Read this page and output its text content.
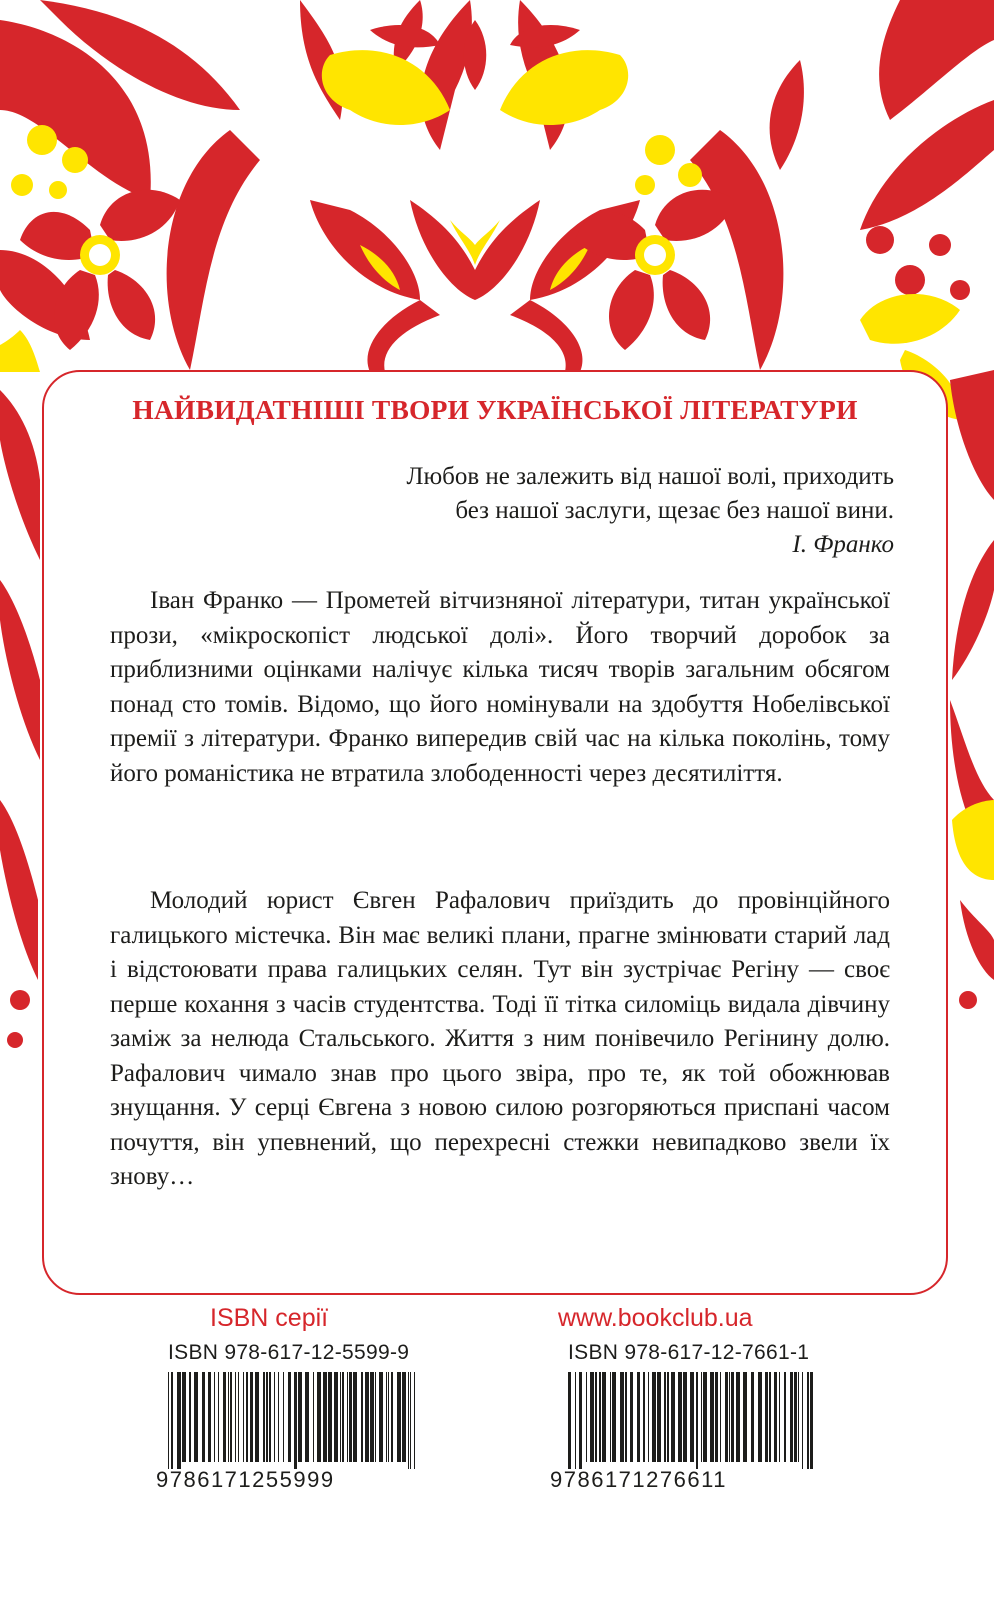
НАЙВИДАТНІШІ ТВОРИ УКРАЇНСЬКОЇ ЛІТЕРАТУРИ
Любов не залежить від нашої волі, приходить
без нашої заслуги, щезає без нашої вини.
І. Франко

Іван Франко — Прометей вітчизняної літератури, титан української прози, «мікроскопіст людської долі». Його творчий доробок за приблизними оцінками налічує кілька тисяч творів загальним обсягом понад сто томів. Відомо, що його номінували на здобуття Нобелівської премії з літератури. Франко випередив свій час на кілька поколінь, тому його романістика не втратила злободенності через десятиліття.

Молодий юрист Євген Рафалович приїздить до провінційного галицького містечка. Він має великі плани, прагне змінювати старий лад і відстоювати права галицьких селян. Тут він зустрічає Регіну — своє перше кохання з часів студентства. Тоді її тітка силоміць видала дівчину заміж за нелюда Стальського. Життя з ним понівечило Регінину долю. Рафалович чимало знав про цього звіра, про те, як той обожнював знущання. У серці Євгена з новою силою розгоряються приспані часом почуття, він упевнений, що перехресні стежки невипадково звели їх знову…

ISBN серії
ISBN 978-617-12-5599-9
9786171255999
www.bookclub.ua
ISBN 978-617-12-7661-1
9786171276611
